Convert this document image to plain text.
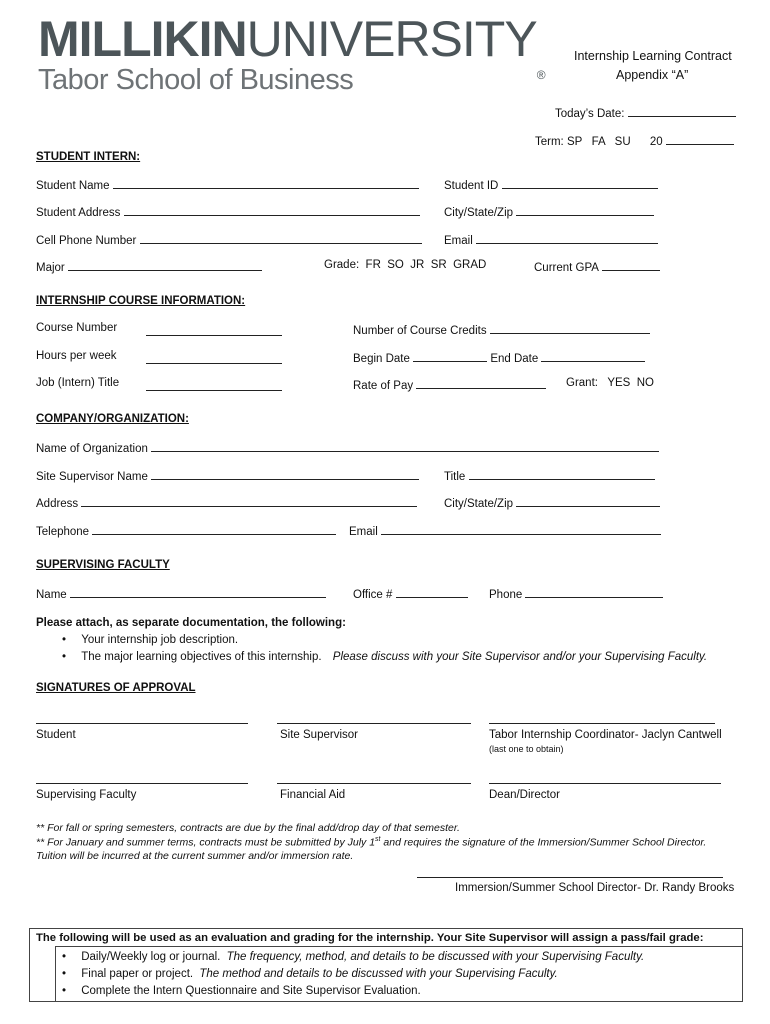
MILLIKINUNIVERSITY®
Tabor School of Business
Internship Learning Contract
Appendix “A”
Today’s Date:
Term: SP   FA   SU 20
STUDENT INTERN:
Student Name	Student ID
Student Address	City/State/Zip
Cell Phone Number	Email
Major	Grade:  FR  SO  JR  SR  GRAD	Current GPA
INTERNSHIP COURSE INFORMATION:
Course Number	Number of Course Credits
Hours per week	Begin Date	End Date
Job (Intern) Title	Rate of Pay	Grant:   YES  NO
COMPANY/ORGANIZATION:
Name of Organization
Site Supervisor Name	Title
Address	City/State/Zip
Telephone	Email
SUPERVISING FACULTY
Name	Office #	Phone
Please attach, as separate documentation, the following:
• Your internship job description.
• The major learning objectives of this internship. Please discuss with your Site Supervisor and/or your Supervising Faculty.
SIGNATURES OF APPROVAL
Student	Site Supervisor	Tabor Internship Coordinator- Jaclyn Cantwell
(last one to obtain)
Supervising Faculty	Financial Aid	Dean/Director
** For fall or spring semesters, contracts are due by the final add/drop day of that semester.
** For January and summer terms, contracts must be submitted by July 1st and requires the signature of the Immersion/Summer School Director.
Tuition will be incurred at the current summer and/or immersion rate.
Immersion/Summer School Director- Dr. Randy Brooks
The following will be used as an evaluation and grading for the internship. Your Site Supervisor will assign a pass/fail grade:
• Daily/Weekly log or journal. The frequency, method, and details to be discussed with your Supervising Faculty.
• Final paper or project. The method and details to be discussed with your Supervising Faculty.
• Complete the Intern Questionnaire and Site Supervisor Evaluation.
